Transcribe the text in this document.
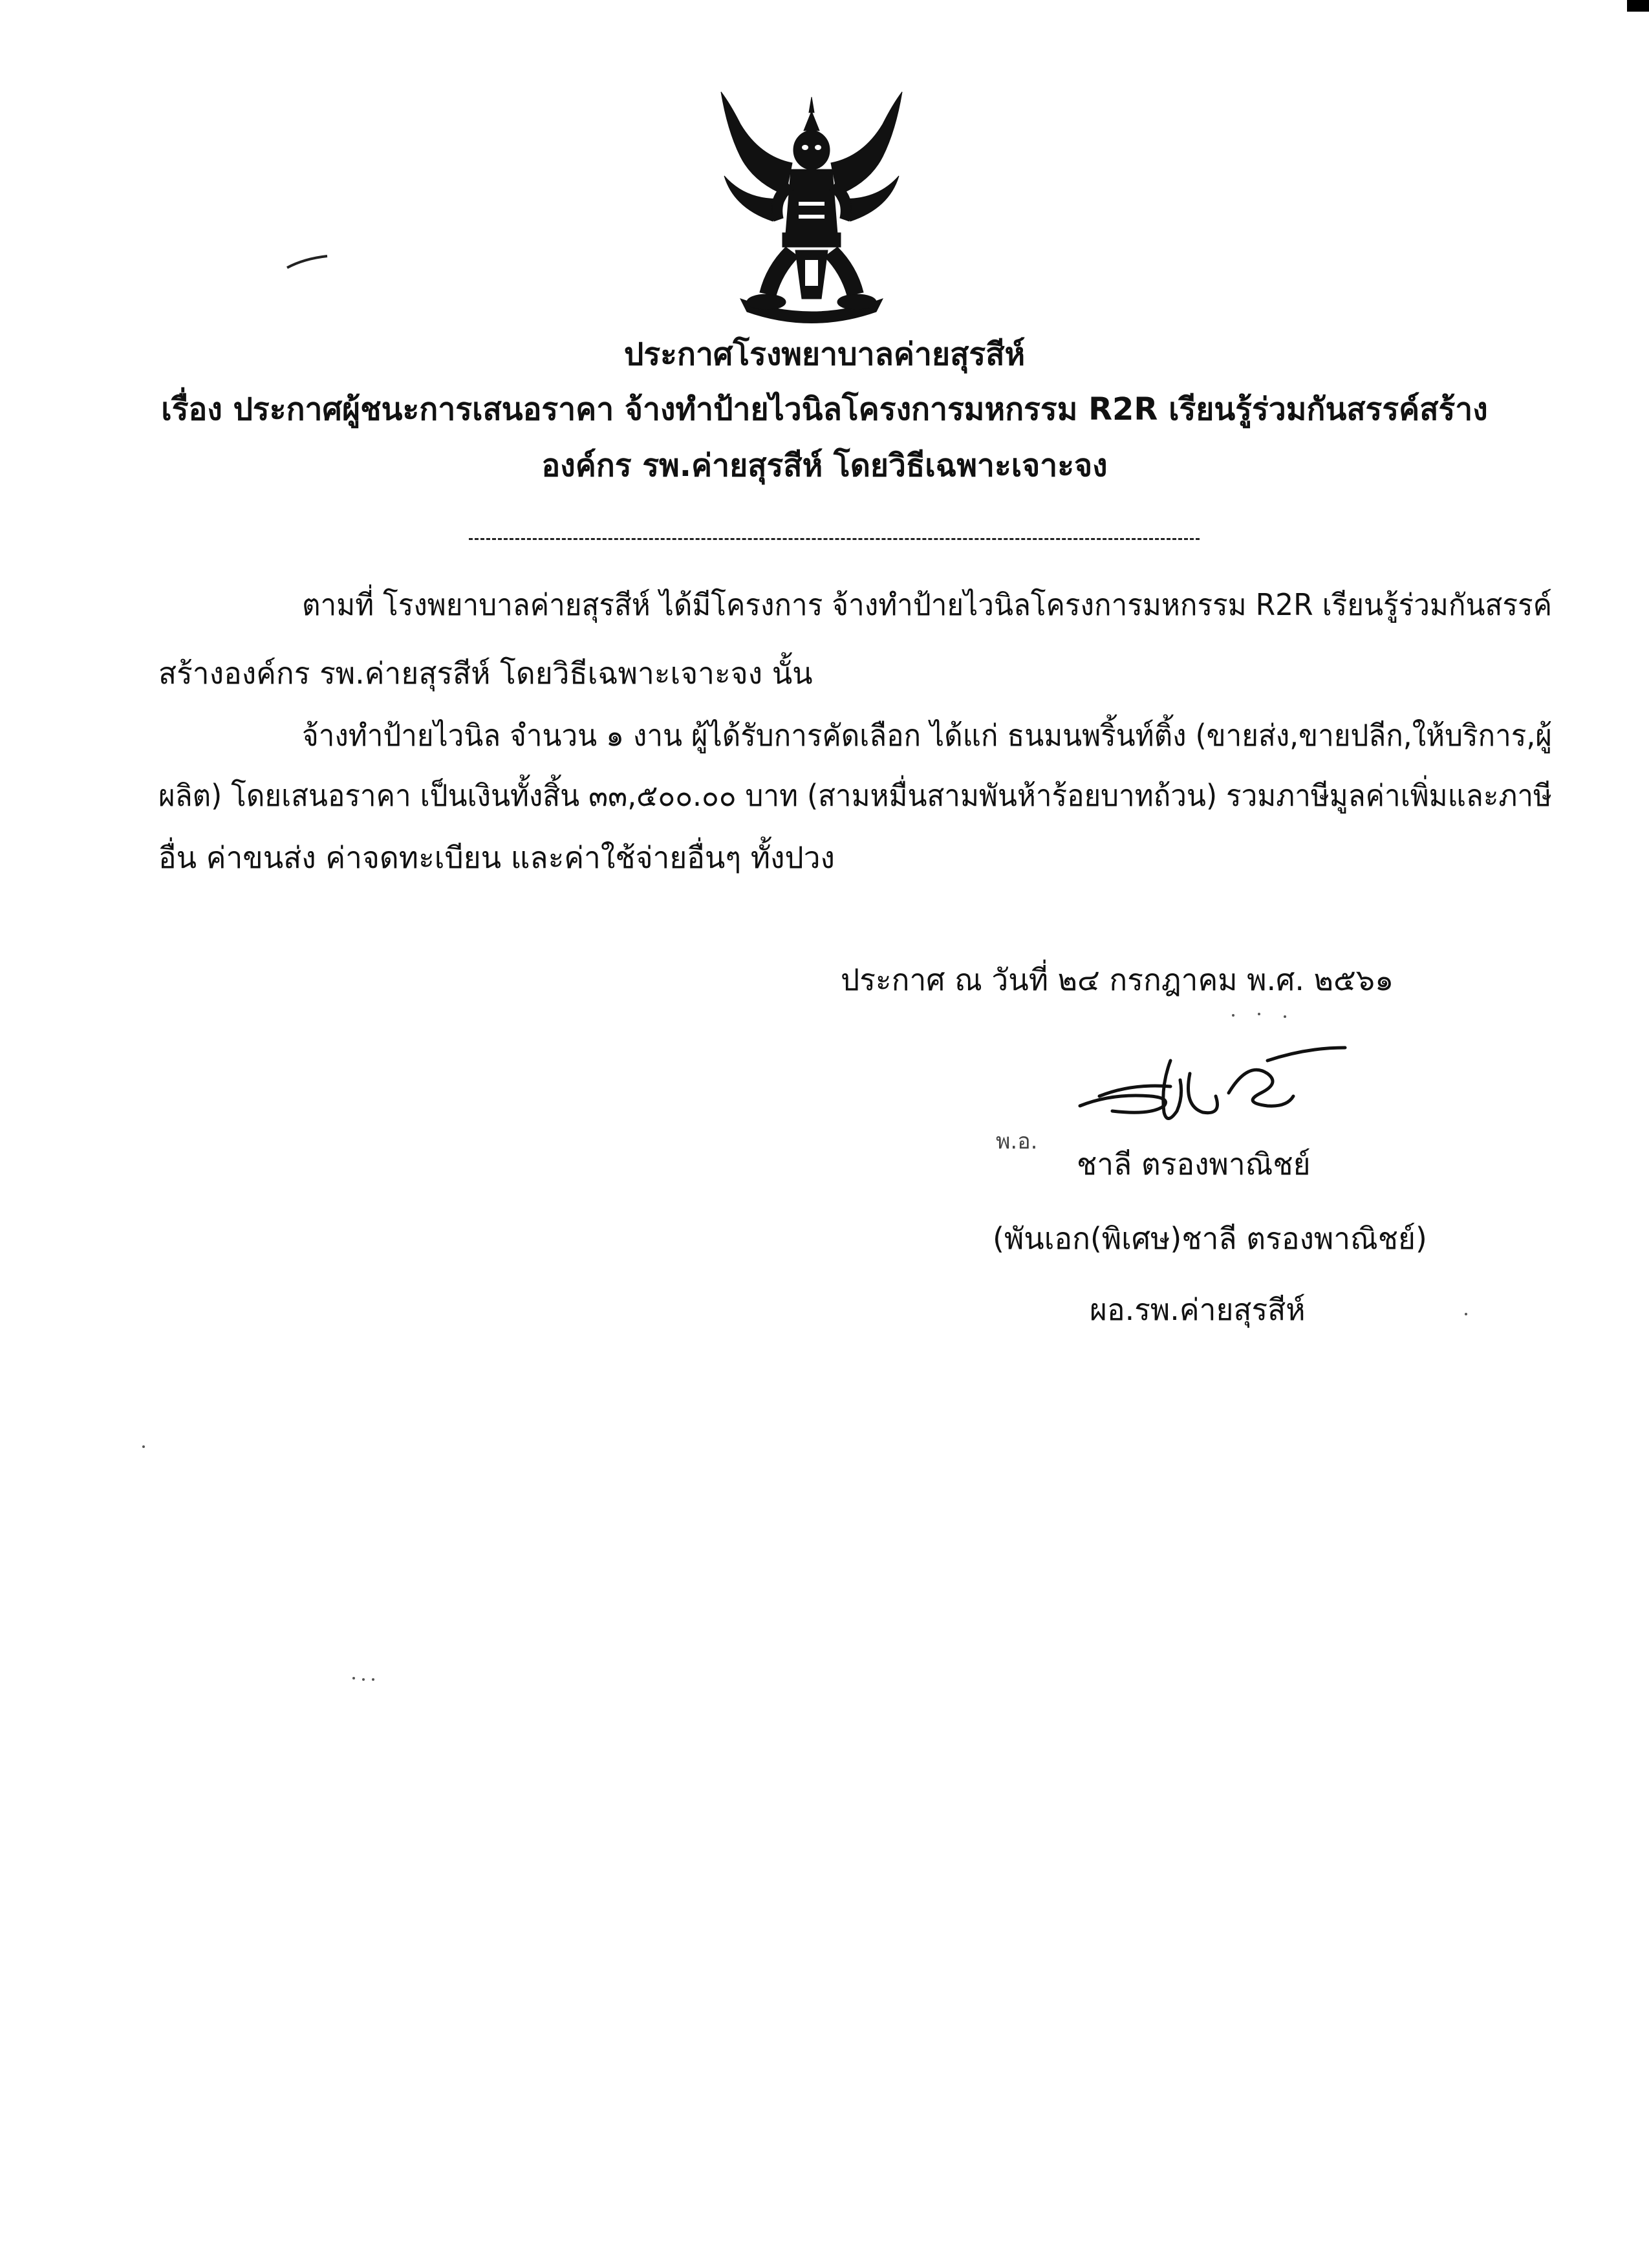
ประกาศโรงพยาบาลค่ายสุรสีห์
เรื่อง ประกาศผู้ชนะการเสนอราคา จ้างทำป้ายไวนิลโครงการมหกรรม R2R เรียนรู้ร่วมกันสรรค์สร้าง
องค์กร รพ.ค่ายสุรสีห์ โดยวิธีเฉพาะเจาะจง
ตามที่ โรงพยาบาลค่ายสุรสีห์ ได้มีโครงการ จ้างทำป้ายไวนิลโครงการมหกรรม R2R เรียนรู้ร่วมกันสรรค์
สร้างองค์กร รพ.ค่ายสุรสีห์ โดยวิธีเฉพาะเจาะจง นั้น
จ้างทำป้ายไวนิล จำนวน ๑ งาน ผู้ได้รับการคัดเลือก ได้แก่ ธนมนพริ้นท์ติ้ง (ขายส่ง,ขายปลีก,ให้บริการ,ผู้
ผลิต) โดยเสนอราคา เป็นเงินทั้งสิ้น ๓๓,๕๐๐.๐๐ บาท (สามหมื่นสามพันห้าร้อยบาทถ้วน) รวมภาษีมูลค่าเพิ่มและภาษี
อื่น ค่าขนส่ง ค่าจดทะเบียน และค่าใช้จ่ายอื่นๆ ทั้งปวง
ประกาศ ณ วันที่ ๒๔ กรกฎาคม พ.ศ. ๒๕๖๑
พ.อ.
ชาลี ตรองพาณิชย์
(พันเอก(พิเศษ)ชาลี ตรองพาณิชย์)
ผอ.รพ.ค่ายสุรสีห์
